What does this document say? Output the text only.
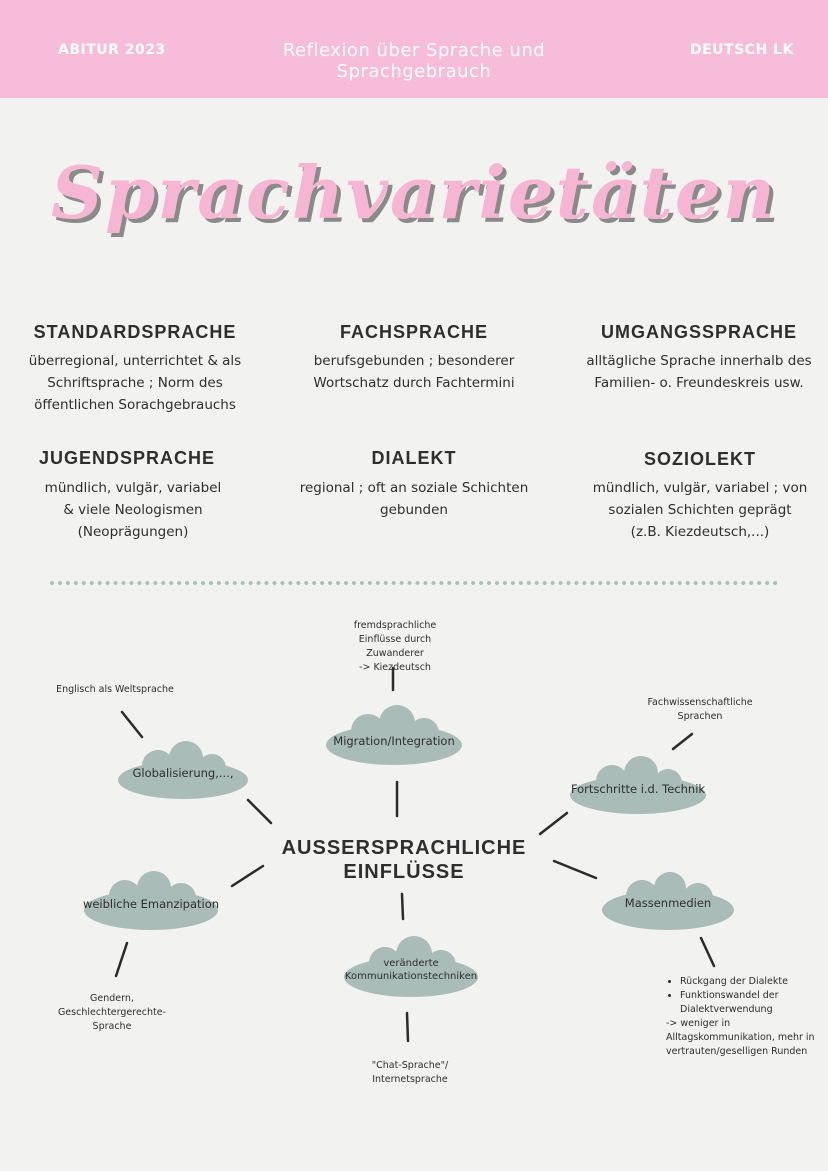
ABITUR 2023	Reflexion über Sprache und Sprachgebrauch
DEUTSCH LK
Sprachvarietäten
STANDARDSPRACHE
überregional, unterrichtet & als
Schriftsprache ; Norm des
öffentlichen Sorachgebrauchs
FACHSPRACHE
berufsgebunden ; besonderer
Wortschatz durch Fachtermini
UMGANGSSPRACHE
alltägliche Sprache innerhalb des
Familien- o. Freundeskreis usw.
JUGENDSPRACHE
mündlich, vulgär, variabel
& viele Neologismen
(Neoprägungen)
DIALEKT
regional ; oft an soziale Schichten
gebunden
SOZIOLEKT
mündlich, vulgär, variabel ; von
sozialen Schichten geprägt
(z.B. Kiezdeutsch,...)
AUSSERSPRACHLICHE
EINFLÜSSE
Migration/Integration
Globalisierung,...,
Fortschritte i.d. Technik
weibliche Emanzipation	Massenmedien
veränderte
Kommunikationstechniken
fremdsprachliche
Einflüsse durch
Zuwanderer
-> Kiezdeutsch
Englisch als Weltsprache
Fachwissenschaftliche
Sprachen
Gendern,
Geschlechtergerechte-
Sprache
"Chat-Sprache"/
Internetsprache
• Rückgang der Dialekte
• Funktionswandel der Dialektverwendung
-> weniger in
Alltagskommunikation, mehr in
vertrauten/geselligen Runden
